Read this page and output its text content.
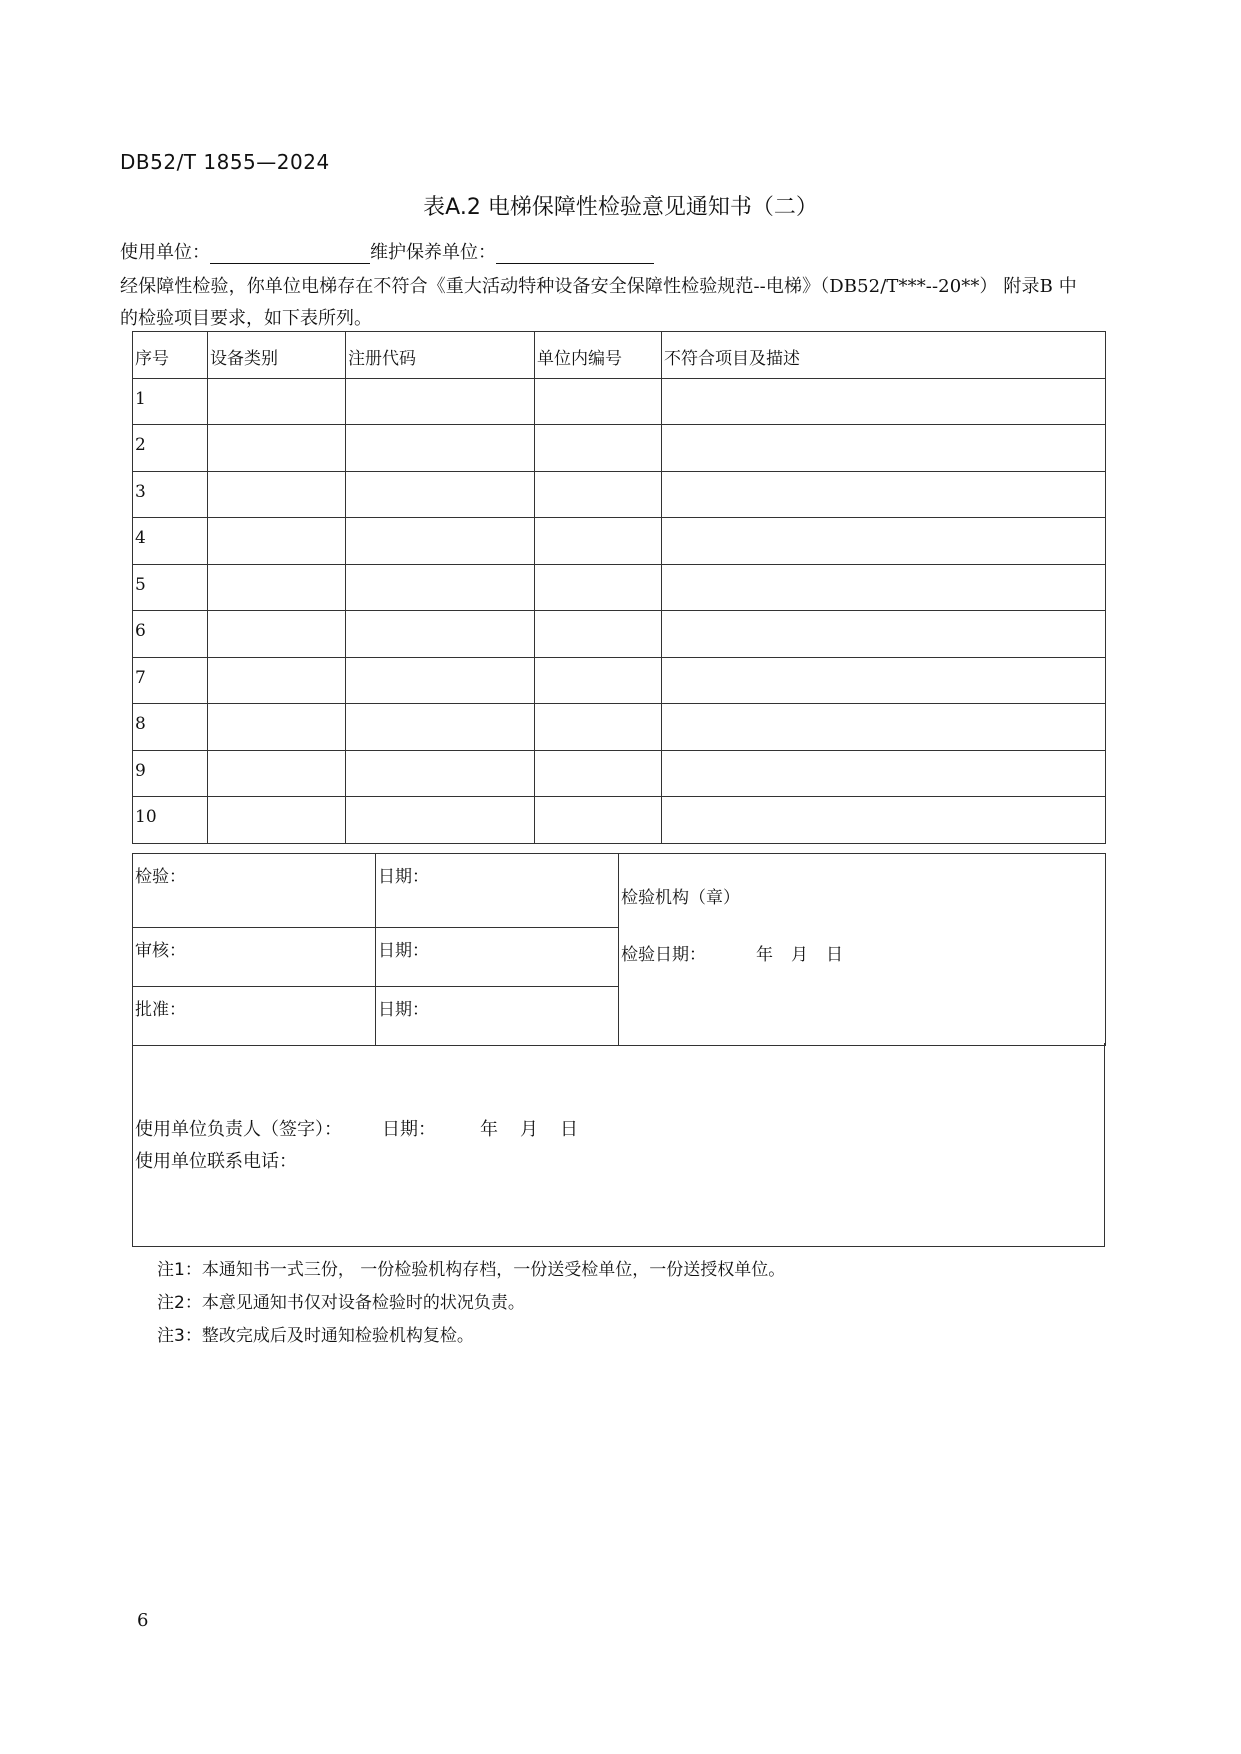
DB52/T 1855—2024
表A.2 电梯保障性检验意见通知书（二）
使用单位：	维护保养单位：
经保障性检验，你单位电梯存在不符合《重大活动特种设备安全保障性检验规范--电梯》（DB52/T***--20**） 附录B 中
的检验项目要求，如下表所列。
序号	设备类别	注册代码	单位内编号	不符合项目及描述
1				
2				
3				
4				
5				
6				
7				
8				
9				
10				
检验：	日期：	检验机构（章）
检验日期： 年 月 日

审核：	日期：	
批准：	日期：	
使用单位负责人（签字）： 日期： 年 月 日
使用单位联系电话：
注1：本通知书一式三份， 一份检验机构存档，一份送受检单位，一份送授权单位。
注2：本意见通知书仅对设备检验时的状况负责。
注3：整改完成后及时通知检验机构复检。
6
